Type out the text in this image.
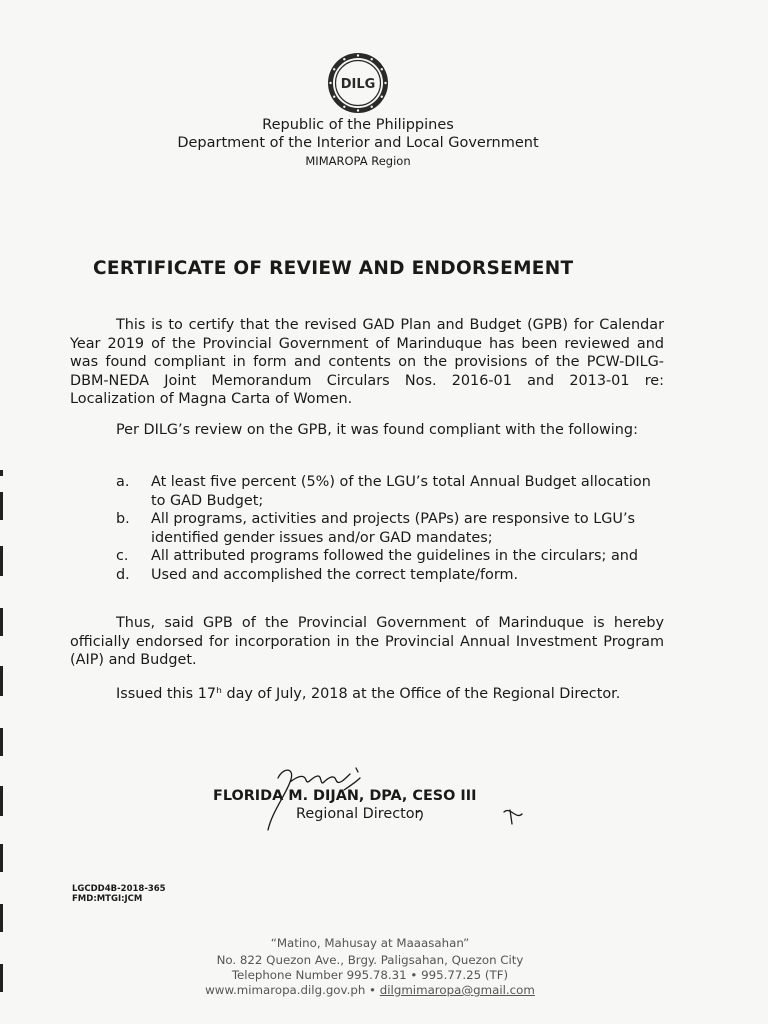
DILG
Republic of the Philippines
Department of the Interior and Local Government
MIMAROPA Region
CERTIFICATE OF REVIEW AND ENDORSEMENT

This is to certify that the revised GAD Plan and Budget (GPB) for Calendar Year 2019 of the Provincial Government of Marinduque has been reviewed and was found compliant in form and contents on the provisions of the PCW-DILG-DBM-NEDA Joint Memorandum Circulars Nos. 2016-01 and 2013-01 re: Localization of Magna Carta of Women.

Per DILG’s review on the GPB, it was found compliant with the following:

a.	At least five percent (5%) of the LGU’s total Annual Budget allocation to GAD Budget;
b.	All programs, activities and projects (PAPs) are responsive to LGU’s identified gender issues and/or GAD mandates;
c.	All attributed programs followed the guidelines in the circulars; and
d.	Used and accomplished the correct template/form.

Thus, said GPB of the Provincial Government of Marinduque is hereby officially endorsed for incorporation in the Provincial Annual Investment Program (AIP) and Budget.

Issued this 17ʰ day of July, 2018 at the Office of the Regional Director.

FLORIDA M. DIJAN, DPA, CESO III
Regional Director
LGCDD4B-2018-365
FMD:MTGI:JCM
“Matino, Mahusay at Maaasahan”
No. 822 Quezon Ave., Brgy. Paligsahan, Quezon City
Telephone Number 995.78.31 • 995.77.25 (TF)
www.mimaropa.dilg.gov.ph • dilgmimaropa@gmail.com
